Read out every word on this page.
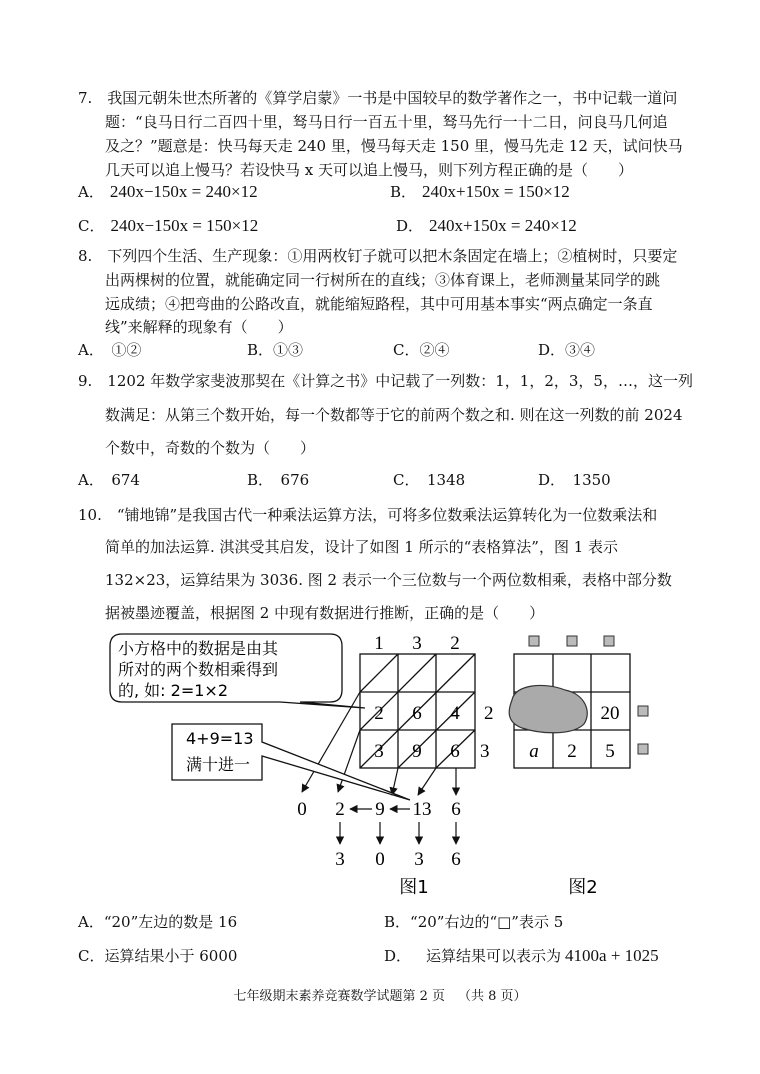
7. 我国元朝朱世杰所著的《算学启蒙》一书是中国较早的数学著作之一，书中记载一道问
题：“良马日行二百四十里，驽马日行一百五十里，驽马先行一十二日，问良马几何追
及之？”题意是：快马每天走 240 里，慢马每天走 150 里，慢马先走 12 天，试问快马
几天可以追上慢马？若设快马 x 天可以追上慢马，则下列方程正确的是（  ）
A． 240x−150x = 240×12	B． 240x+150x = 150×12
C． 240x−150x = 150×12	D． 240x+150x = 240×12
8. 下列四个生活、生产现象：①用两枚钉子就可以把木条固定在墙上；②植树时，只要定
出两棵树的位置，就能确定同一行树所在的直线；③体育课上，老师测量某同学的跳
远成绩；④把弯曲的公路改直，就能缩短路程，其中可用基本事实“两点确定一条直
线”来解释的现象有（  ）
A． ①②	B．①③	C．②④	D．③④
9. 1202 年数学家斐波那契在《计算之书》中记载了一列数：1，1，2，3，5，…，这一列
数满足：从第三个数开始，每一个数都等于它的前两个数之和. 则在这一列数的前 2024
个数中，奇数的个数为（  ）
A． 674	B． 676	C． 1348	D． 1350
10. “铺地锦”是我国古代一种乘法运算方法，可将多位数乘法运算转化为一位数乘法和
简单的加法运算. 淇淇受其启发，设计了如图 1 所示的“表格算法”，图 1 表示
132×23，运算结果为 3036. 图 2 表示一个三位数与一个两位数相乘，表格中部分数
据被墨迹覆盖，根据图 2 中现有数据进行推断，正确的是（  ）
1 3 2
2
3
2 6 4
3 9 6
0 2 9 13 6
3 0 3 6
图1
小方格中的数据是由其
所对的两个数相乘得到
的, 如: 2=1×2
4+9=13
满十进一
20
a 2 5
图2
A．“20”左边的数是 16	B．“20”右边的“□”表示 5
C．运算结果小于 6000	D． 运算结果可以表示为 4100a + 1025
七年级期末素养竞赛数学试题第 2 页 （共 8 页）
